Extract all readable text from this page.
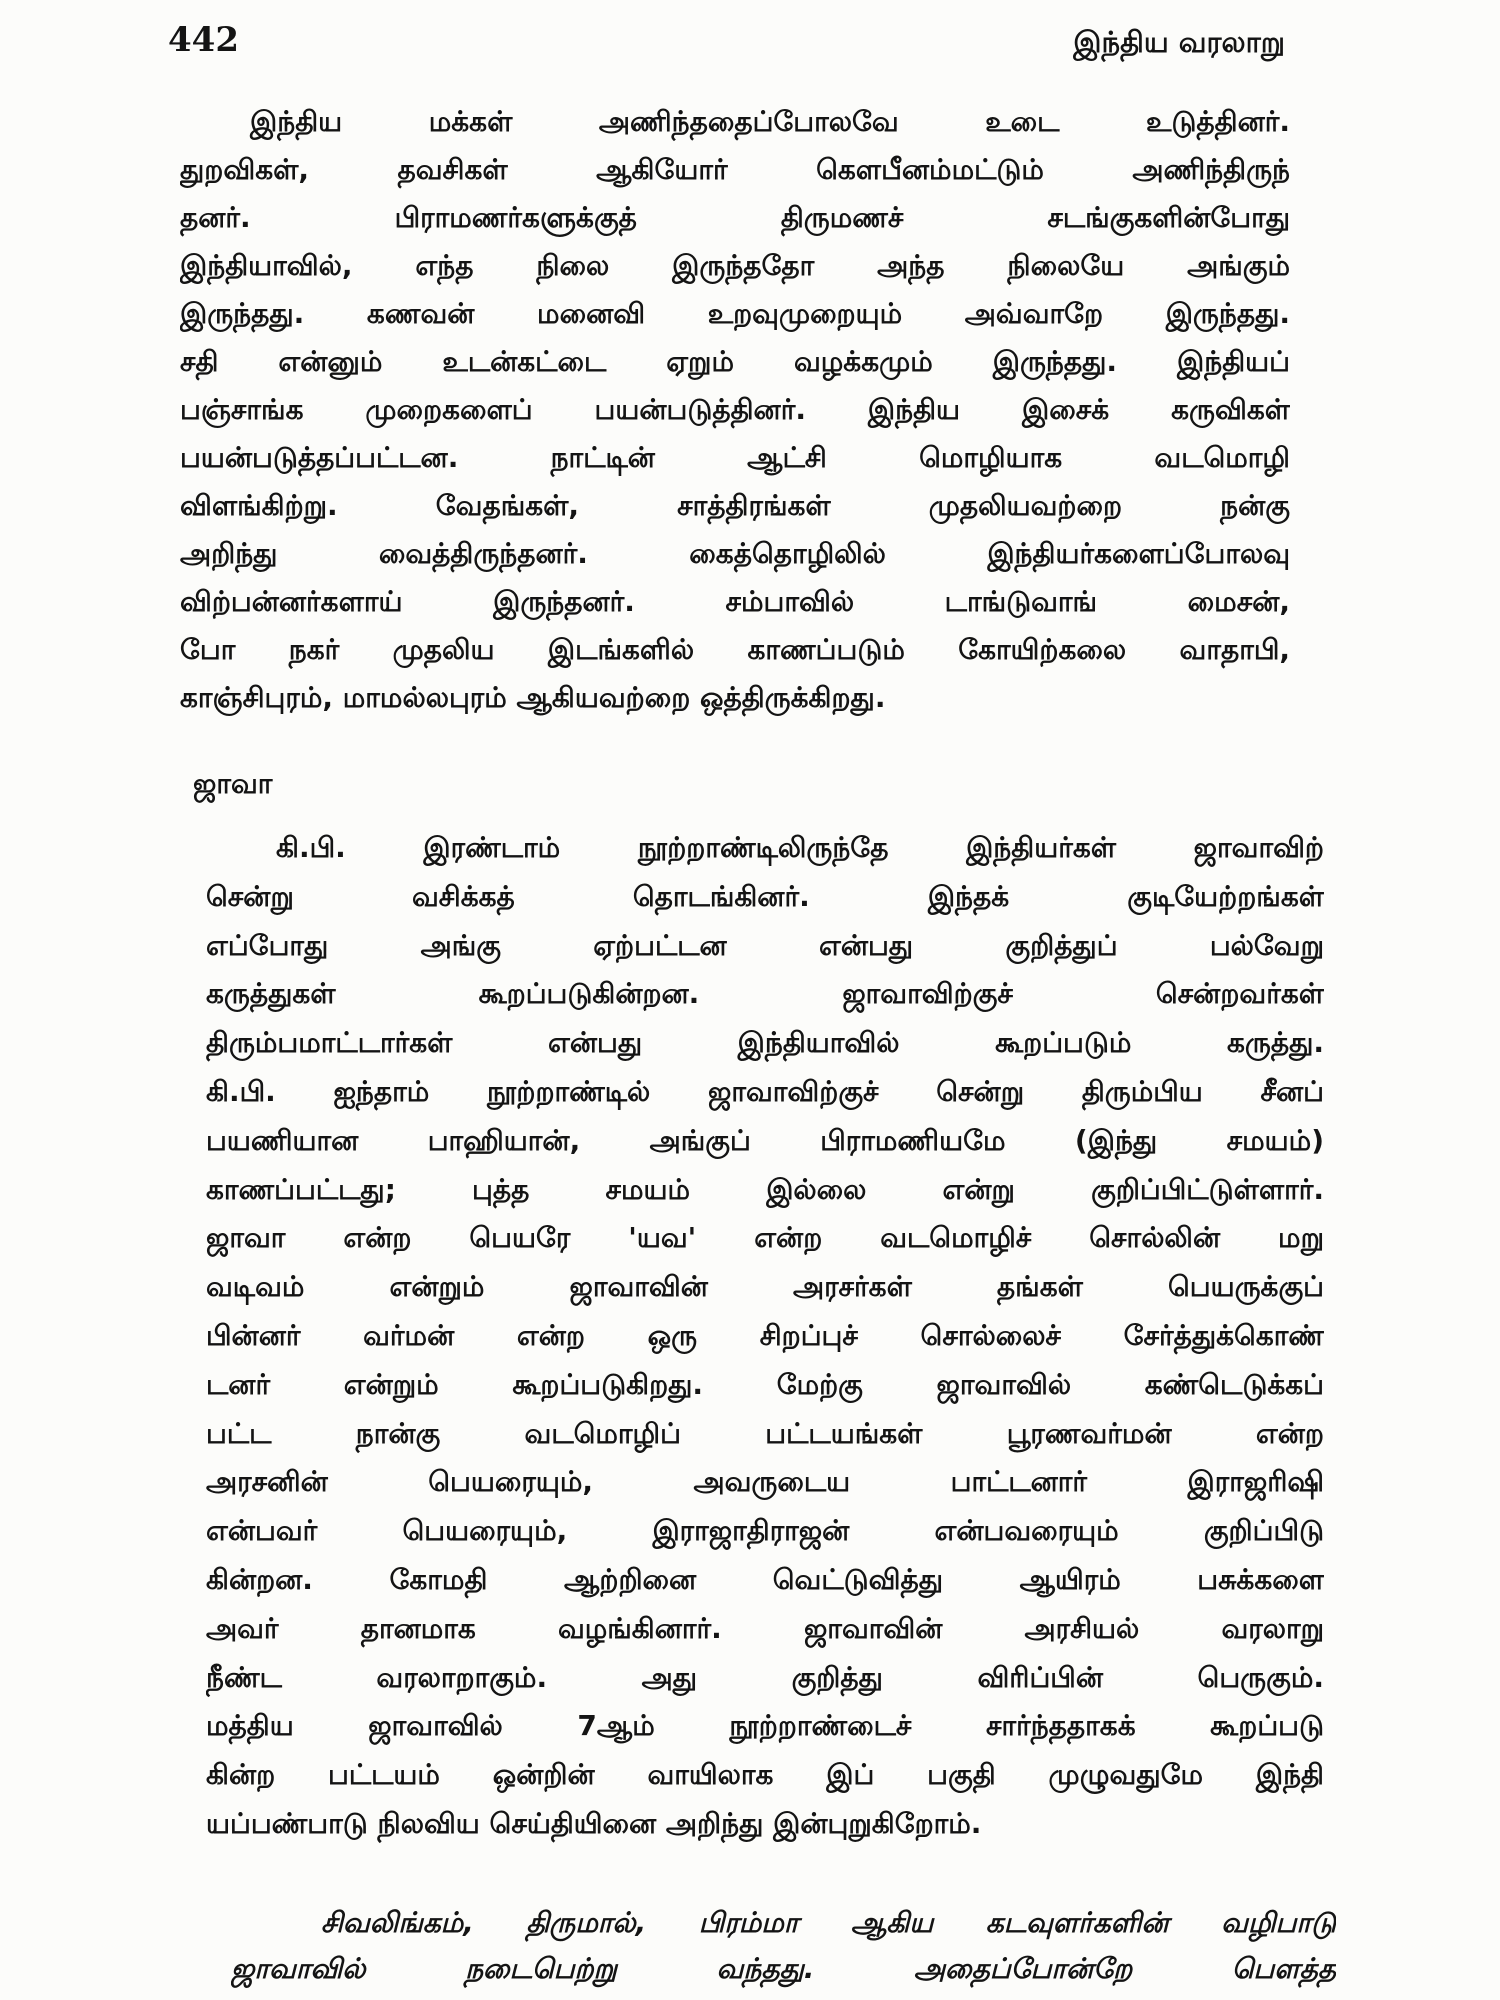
442	இந்திய வரலாறு
இந்திய மக்கள் அணிந்ததைப்போலவே உடை உடுத்தினர்.
துறவிகள், தவசிகள் ஆகியோர் கௌபீனம்மட்டும் அணிந்திருந்
தனர். பிராமணர்களுக்குத் திருமணச் சடங்குகளின்போது
இந்தியாவில், எந்த நிலை இருந்ததோ அந்த நிலையே அங்கும்
இருந்தது. கணவன் மனைவி உறவுமுறையும் அவ்வாறே இருந்தது.
சதி என்னும் உடன்கட்டை ஏறும் வழக்கமும் இருந்தது. இந்தியப்
பஞ்சாங்க முறைகளைப் பயன்படுத்தினர். இந்திய இசைக் கருவிகள்
பயன்படுத்தப்பட்டன. நாட்டின் ஆட்சி மொழியாக வடமொழி
விளங்கிற்று. வேதங்கள், சாத்திரங்கள் முதலியவற்றை நன்கு
அறிந்து வைத்திருந்தனர். கைத்தொழிலில் இந்தியர்களைப்போலவு
விற்பன்னர்களாய் இருந்தனர். சம்பாவில் டாங்டுவாங் மைசன்,
போ நகர் முதலிய இடங்களில் காணப்படும் கோயிற்கலை வாதாபி,
காஞ்சிபுரம், மாமல்லபுரம் ஆகியவற்றை ஒத்திருக்கிறது.
ஜாவா
கி.பி. இரண்டாம் நூற்றாண்டிலிருந்தே இந்தியர்கள் ஜாவாவிற்
சென்று வசிக்கத் தொடங்கினர். இந்தக் குடியேற்றங்கள்
எப்போது அங்கு ஏற்பட்டன என்பது குறித்துப் பல்வேறு
கருத்துகள் கூறப்படுகின்றன. ஜாவாவிற்குச் சென்றவர்கள்
திரும்பமாட்டார்கள் என்பது இந்தியாவில் கூறப்படும் கருத்து.
கி.பி. ஐந்தாம் நூற்றாண்டில் ஜாவாவிற்குச் சென்று திரும்பிய சீனப்
பயணியான பாஹியான், அங்குப் பிராமணியமே (இந்து சமயம்)
காணப்பட்டது; புத்த சமயம் இல்லை என்று குறிப்பிட்டுள்ளார்.
ஜாவா என்ற பெயரே 'யவ' என்ற வடமொழிச் சொல்லின் மறு
வடிவம் என்றும் ஜாவாவின் அரசர்கள் தங்கள் பெயருக்குப்
பின்னர் வர்மன் என்ற ஒரு சிறப்புச் சொல்லைச் சேர்த்துக்கொண்
டனர் என்றும் கூறப்படுகிறது. மேற்கு ஜாவாவில் கண்டெடுக்கப்
பட்ட நான்கு வடமொழிப் பட்டயங்கள் பூரணவர்மன் என்ற
அரசனின் பெயரையும், அவருடைய பாட்டனார் இராஜரிஷி
என்பவர் பெயரையும், இராஜாதிராஜன் என்பவரையும் குறிப்பிடு
கின்றன. கோமதி ஆற்றினை வெட்டுவித்து ஆயிரம் பசுக்களை
அவர் தானமாக வழங்கினார். ஜாவாவின் அரசியல் வரலாறு
நீண்ட வரலாறாகும். அது குறித்து விரிப்பின் பெருகும்.
மத்திய ஜாவாவில் 7ஆம் நூற்றாண்டைச் சார்ந்ததாகக் கூறப்படு
கின்ற பட்டயம் ஒன்றின் வாயிலாக இப் பகுதி முழுவதுமே இந்தி
யப்பண்பாடு நிலவிய செய்தியினை அறிந்து இன்புறுகிறோம்.
சிவலிங்கம், திருமால், பிரம்மா ஆகிய கடவுளர்களின் வழிபாடு
ஜாவாவில் நடைபெற்று வந்தது. அதைப்போன்றே பௌத்த
